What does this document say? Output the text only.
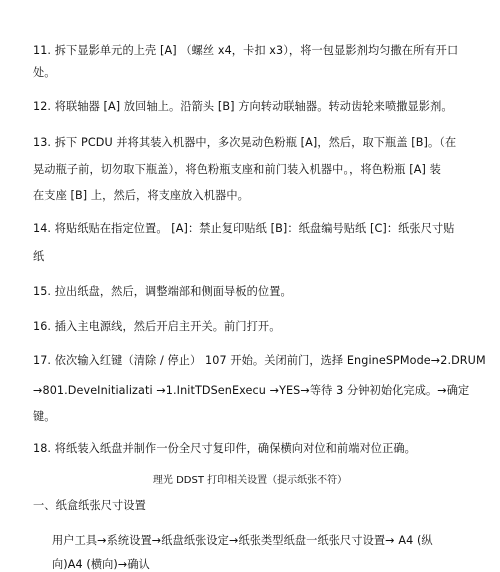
11. 拆下显影单元的上壳 [A] （螺丝 x4，卡扣 x3），将一包显影剂均匀撒在所有开口
处。
12. 将联轴器 [A] 放回轴上。沿箭头 [B] 方向转动联轴器。转动齿轮来喷撒显影剂。
13. 拆下 PCDU 并将其装入机器中，多次晃动色粉瓶 [A]，然后，取下瓶盖 [B]。（在
晃动瓶子前，切勿取下瓶盖），将色粉瓶支座和前门装入机器中。，将色粉瓶 [A] 装
在支座 [B] 上，然后，将支座放入机器中。
14. 将贴纸贴在指定位置。 [A]：禁止复印贴纸 [B]：纸盘编号贴纸 [C]：纸张尺寸贴
纸
15. 拉出纸盘，然后，调整端部和侧面导板的位置。
16. 插入主电源线，然后开启主开关。前门打开。
17. 依次输入红键（清除 / 停止） 107 开始。关闭前门，选择 EngineSPMode→2.DRUM
→801.DeveInitializati →1.InitTDSenExecu →YES→等待 3 分钟初始化完成。→确定
键。
18. 将纸装入纸盘并制作一份全尺寸复印件，确保横向对位和前端对位正确。
理光 DDST 打印相关设置（提示纸张不符）
一、纸盒纸张尺寸设置
用户工具→系统设置→纸盘纸张设定→纸张类型纸盘一纸张尺寸设置→ A4 (纵
向)A4 (横向)→确认
